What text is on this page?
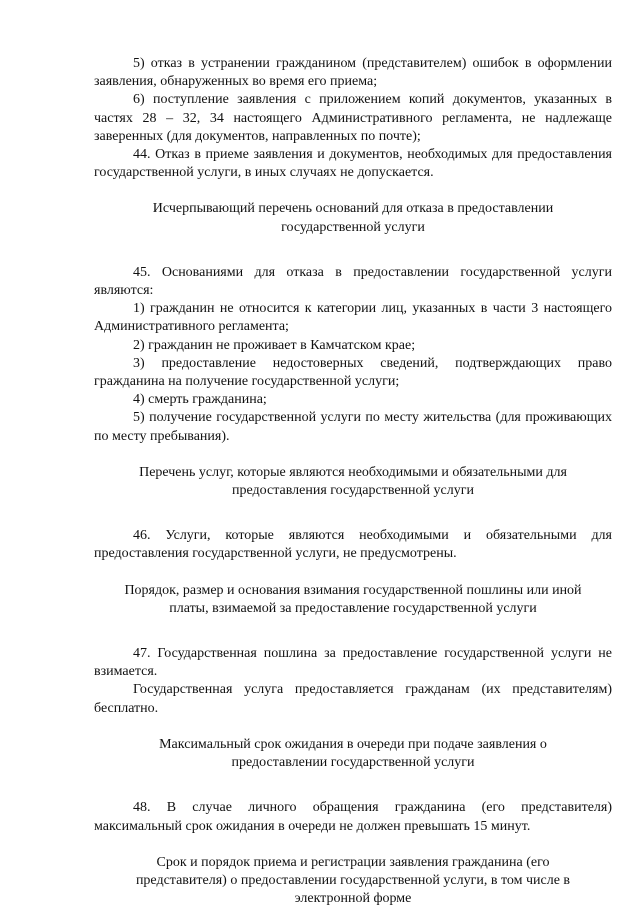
5) отказ в устранении гражданином (представителем) ошибок в оформлении заявления, обнаруженных во время его приема;

6) поступление заявления с приложением копий документов, указанных в частях 28 – 32, 34 настоящего Административного регламента, не надлежаще заверенных (для документов, направленных по почте);

44. Отказ в приеме заявления и документов, необходимых для предоставления государственной услуги, в иных случаях не допускается.

Исчерпывающий перечень оснований для отказа в предоставлении государственной услуги

45. Основаниями для отказа в предоставлении государственной услуги являются:

1) гражданин не относится к категории лиц, указанных в части 3 настоящего Административного регламента;

2) гражданин не проживает в Камчатском крае;

3) предоставление недостоверных сведений, подтверждающих право гражданина на получение государственной услуги;

4) смерть гражданина;

5) получение государственной услуги по месту жительства (для проживающих по месту пребывания).

Перечень услуг, которые являются необходимыми и обязательными для предоставления государственной услуги

46. Услуги, которые являются необходимыми и обязательными для предоставления государственной услуги, не предусмотрены.

Порядок, размер и основания взимания государственной пошлины или иной платы, взимаемой за предоставление государственной услуги

47. Государственная пошлина за предоставление государственной услуги не взимается.

Государственная услуга предоставляется гражданам (их представителям) бесплатно.

Максимальный срок ожидания в очереди при подаче заявления о предоставлении государственной услуги

48. В случае личного обращения гражданина (его представителя) максимальный срок ожидания в очереди не должен превышать 15 минут.

Срок и порядок приема и регистрации заявления гражданина (его представителя) о предоставлении государственной услуги, в том числе в электронной форме
